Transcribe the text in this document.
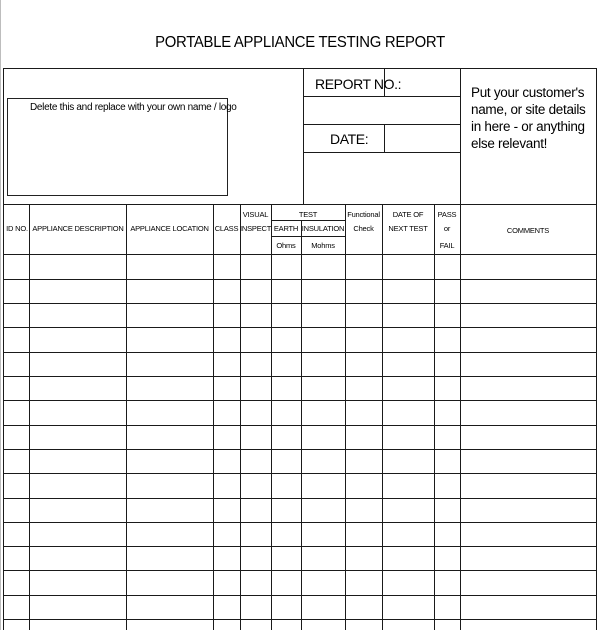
PORTABLE APPLIANCE TESTING REPORT
Delete this and replace with your own name / logo
REPORT NO.:
DATE:
Put your customer's name, or site details in here - or anything else relevant!
ID NO. APPLIANCE DESCRIPTION APPLIANCE LOCATION CLASS
VISUAL
INSPECT
TEST
EARTH INSULATION
Ohms	Mohms
Functional
Check
DATE OF
NEXT TEST
PASS
or
FAIL
COMMENTS
